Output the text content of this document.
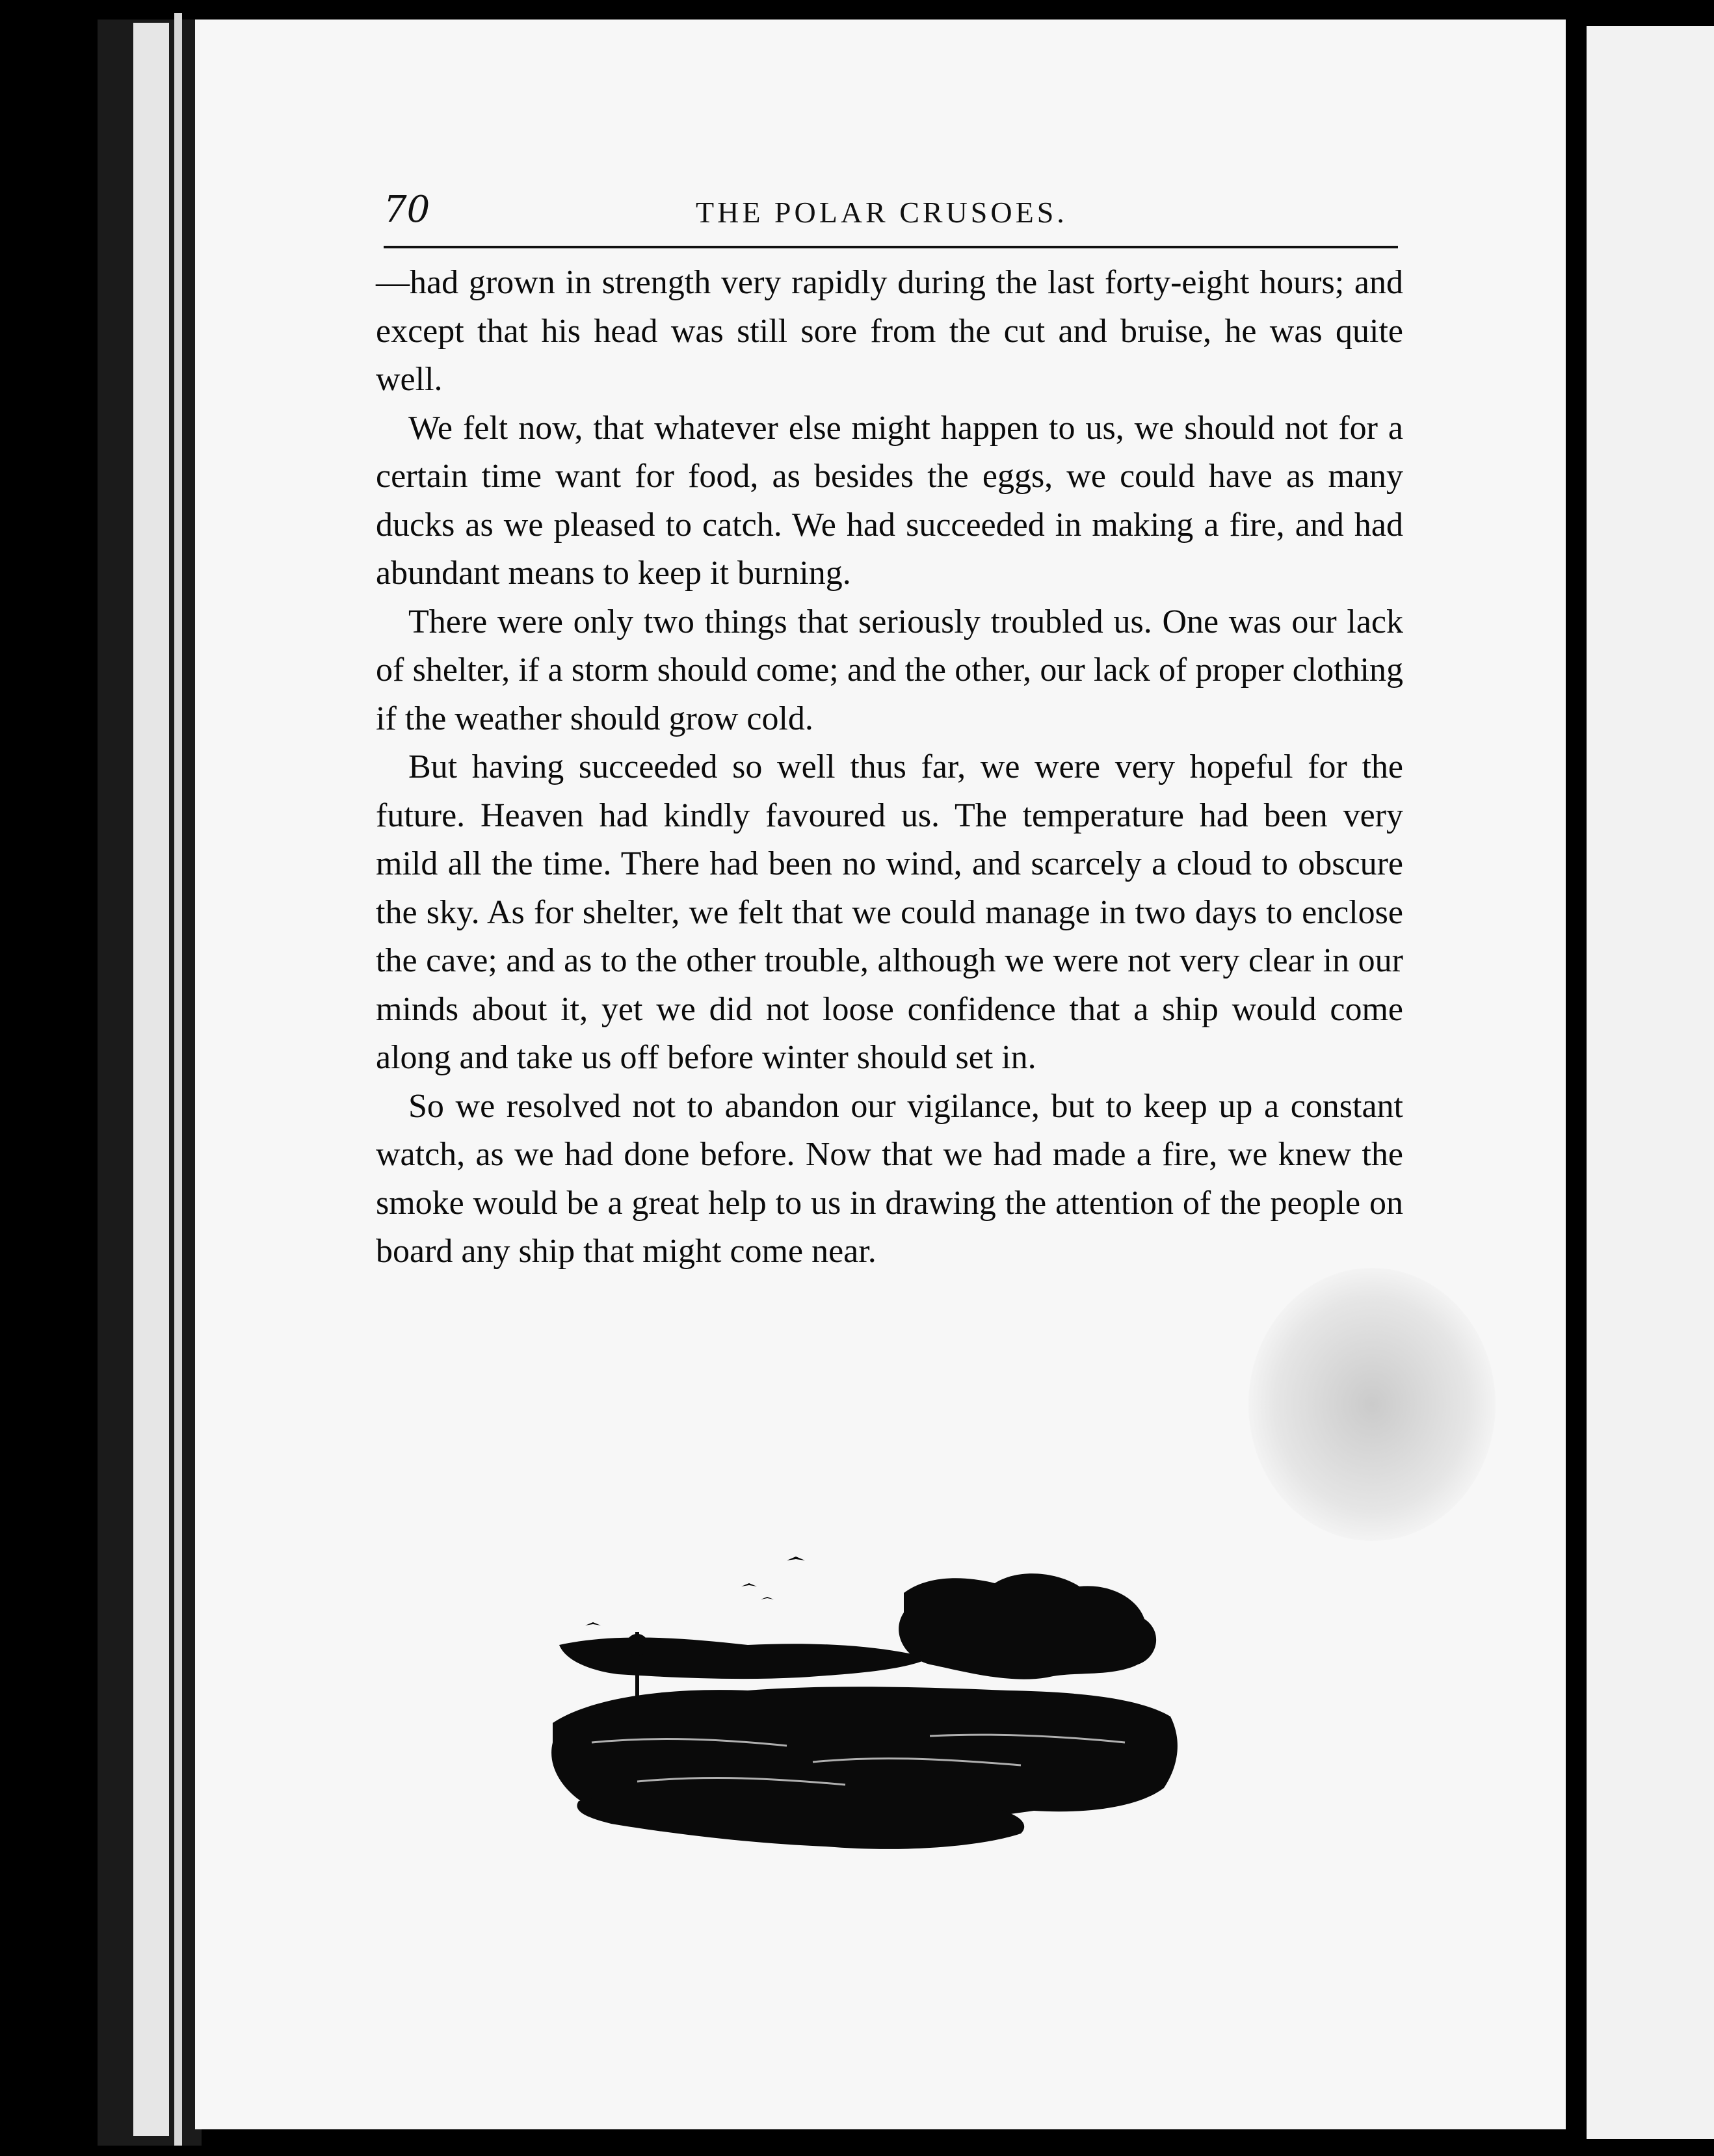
70	THE POLAR CRUSOES.

—had grown in strength very rapidly during the last forty-eight hours; and except that his head was still sore from the cut and bruise, he was quite well.

We felt now, that whatever else might happen to us, we should not for a certain time want for food, as besides the eggs, we could have as many ducks as we pleased to catch. We had succeeded in making a fire, and had abundant means to keep it burning.

There were only two things that seriously troubled us. One was our lack of shelter, if a storm should come; and the other, our lack of proper clothing if the weather should grow cold.

But having succeeded so well thus far, we were very hopeful for the future. Heaven had kindly favoured us. The temperature had been very mild all the time. There had been no wind, and scarcely a cloud to obscure the sky. As for shelter, we felt that we could manage in two days to enclose the cave; and as to the other trouble, although we were not very clear in our minds about it, yet we did not loose confidence that a ship would come along and take us off before winter should set in.

So we resolved not to abandon our vigilance, but to keep up a constant watch, as we had done before. Now that we had made a fire, we knew the smoke would be a great help to us in drawing the attention of the people on board any ship that might come near.
